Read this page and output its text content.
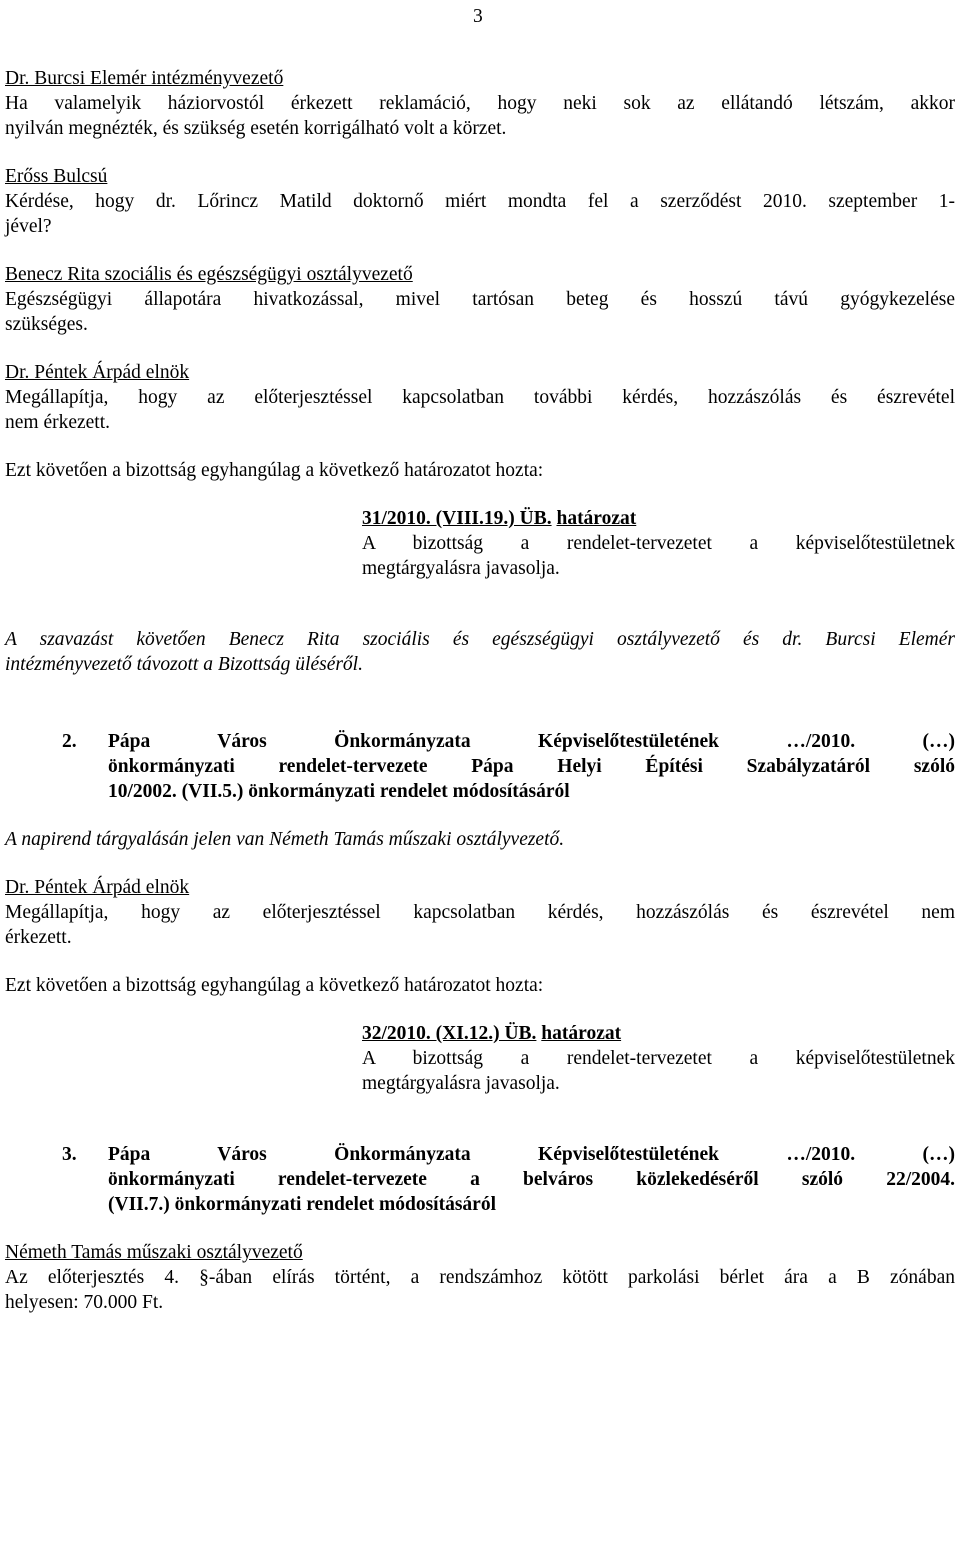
3

Dr. Burcsi Elemér intézményvezető

Ha valamelyik háziorvostól érkezett reklamáció, hogy neki sok az ellátandó létszám, akkor

nyilván megnézték, és szükség esetén korrigálható volt a körzet.

Erőss Bulcsú

Kérdése, hogy dr. Lőrincz Matild doktornő miért mondta fel a szerződést 2010. szeptember 1-

jével?

Benecz Rita szociális és egészségügyi osztályvezető

Egészségügyi állapotára hivatkozással, mivel tartósan beteg és hosszú távú gyógykezelése

szükséges.

Dr. Péntek Árpád elnök

Megállapítja, hogy az előterjesztéssel kapcsolatban további kérdés, hozzászólás és észrevétel

nem érkezett.

Ezt követően a bizottság egyhangúlag a következő határozatot hozta:

31/2010. (VIII.19.) ÜB. határozat

A bizottság a rendelet-tervezetet a képviselőtestületnek

megtárgyalásra javasolja.

A szavazást követően Benecz Rita szociális és egészségügyi osztályvezető és dr. Burcsi Elemér

intézményvezető távozott a Bizottság üléséről.

2. Pápa Város Önkormányzata Képviselőtestületének …/2010. (…)

önkormányzati rendelet-tervezete Pápa Helyi Építési Szabályzatáról szóló

10/2002. (VII.5.) önkormányzati rendelet módosításáról

A napirend tárgyalásán jelen van Németh Tamás műszaki osztályvezető.

Dr. Péntek Árpád elnök

Megállapítja, hogy az előterjesztéssel kapcsolatban kérdés, hozzászólás és észrevétel nem

érkezett.

Ezt követően a bizottság egyhangúlag a következő határozatot hozta:

32/2010. (XI.12.) ÜB. határozat

A bizottság a rendelet-tervezetet a képviselőtestületnek

megtárgyalásra javasolja.

3. Pápa Város Önkormányzata Képviselőtestületének …/2010. (…)

önkormányzati rendelet-tervezete a belváros közlekedéséről szóló 22/2004.

(VII.7.) önkormányzati rendelet módosításáról

Németh Tamás műszaki osztályvezető

Az előterjesztés 4. §-ában elírás történt, a rendszámhoz kötött parkolási bérlet ára a B zónában

helyesen: 70.000 Ft.
